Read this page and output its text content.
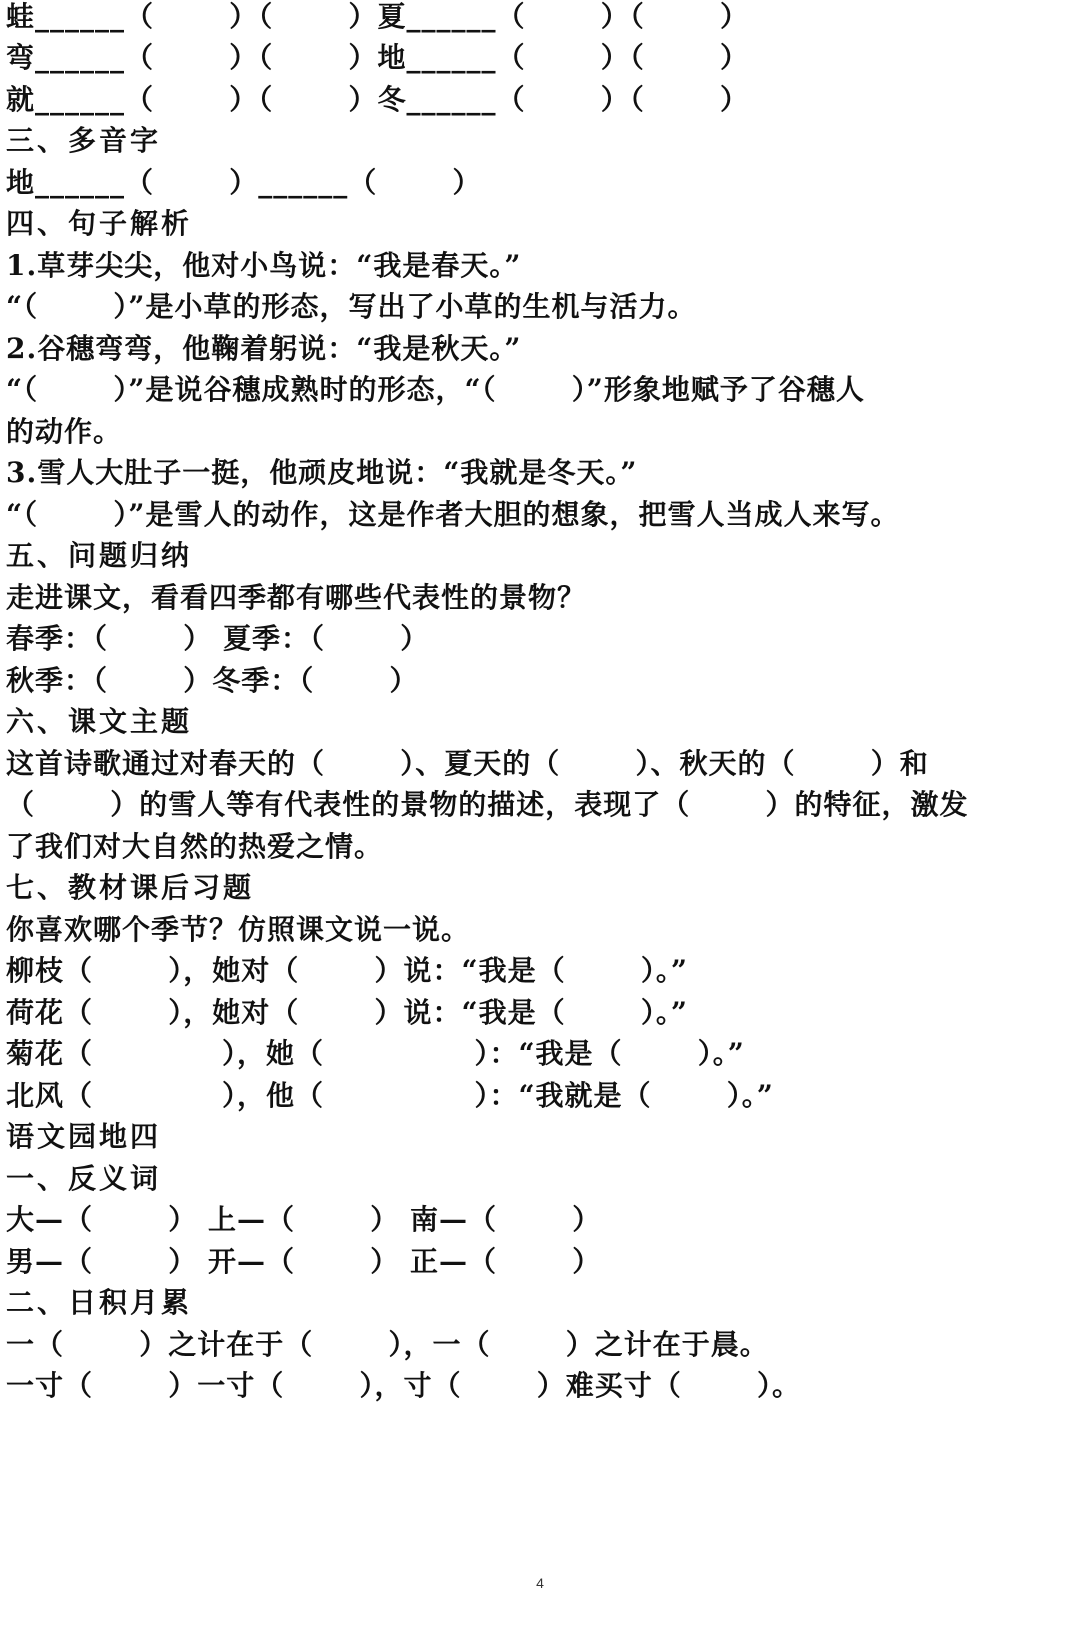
蛙______（       ）（       ）夏______（       ）（       ）
弯______（       ）（       ）地______（       ）（       ）
就______（       ）（       ）冬______（       ）（       ）
三、多音字
地______（       ）______（       ）
四、句子解析
1.草芽尖尖，他对小鸟说：“我是春天。”
“（       ）”是小草的形态，写出了小草的生机与活力。
2.谷穗弯弯，他鞠着躬说：“我是秋天。”
“（       ）”是说谷穗成熟时的形态，“（       ）”形象地赋予了谷穗人
的动作。
3.雪人大肚子一挺，他顽皮地说：“我就是冬天。”
“（       ）”是雪人的动作，这是作者大胆的想象，把雪人当成人来写。
五、问题归纳
走进课文，看看四季都有哪些代表性的景物？
春季：（       ） 夏季：（       ）
秋季：（       ）冬季：（       ）
六、课文主题
这首诗歌通过对春天的（       ）、夏天的（       ）、秋天的（       ）和
（       ）的雪人等有代表性的景物的描述，表现了（       ）的特征，激发
了我们对大自然的热爱之情。
七、教材课后习题
你喜欢哪个季节？仿照课文说一说。
柳枝（       ），她对（       ）说：“我是（       ）。”
荷花（       ），她对（       ）说：“我是（       ）。”
菊花（            ），她（              ）：“我是（       ）。”
北风（            ），他（              ）：“我就是（       ）。”
语文园地四
一、反义词
大—（       ） 上—（       ） 南—（       ）
男—（       ） 开—（       ） 正—（       ）
二、日积月累
一（       ）之计在于（       ），一（       ）之计在于晨。
一寸（       ）一寸（       ），寸（       ）难买寸（       ）。
4
